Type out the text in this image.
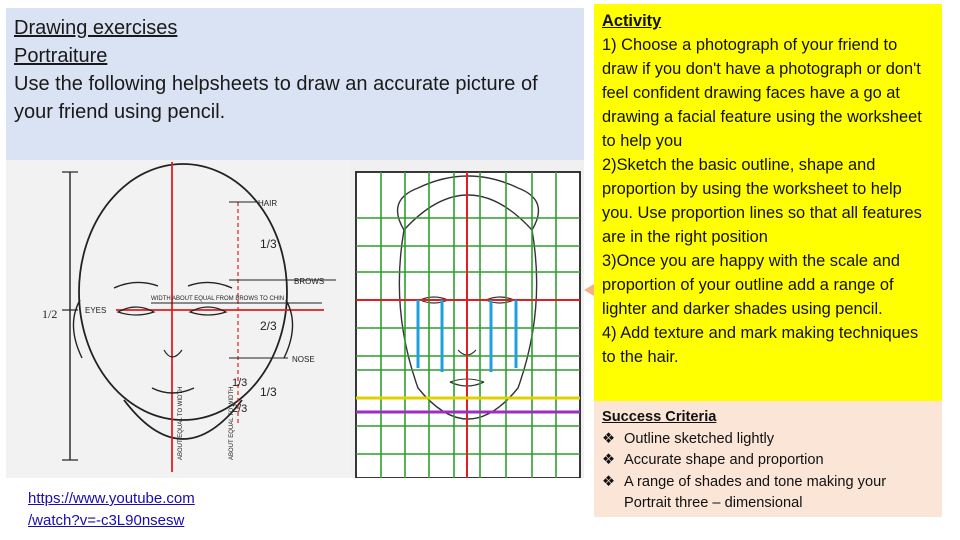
Drawing exercises
Portraiture
Use the following helpsheets to draw an accurate picture of your friend using pencil.
1/2	EYES
HAIR
1/3
BROWS
WIDTH ABOUT EQUAL FROM BROWS TO CHIN
2/3
NOSE
1/3
1/3
2/3
ABOUT EQUAL TO WIDTH	ABOUT EQUAL TO WIDTH
https://www.youtube.com
/watch?v=-c3L90nsesw
Activity
1) Choose a photograph of your friend to draw if you don't have a photograph or don't feel confident drawing faces have a go at drawing a facial feature using the worksheet to help you
2)Sketch the basic outline, shape and proportion by using the worksheet to help you. Use proportion lines so that all features are in the right position
3)Once you are happy with the scale and proportion of your outline add a range of lighter and darker shades using pencil.
4) Add texture and mark making techniques to the hair.
Success Criteria
❖ Outline sketched lightly
❖ Accurate shape and proportion
❖ A range of shades and tone making your Portrait three – dimensional
